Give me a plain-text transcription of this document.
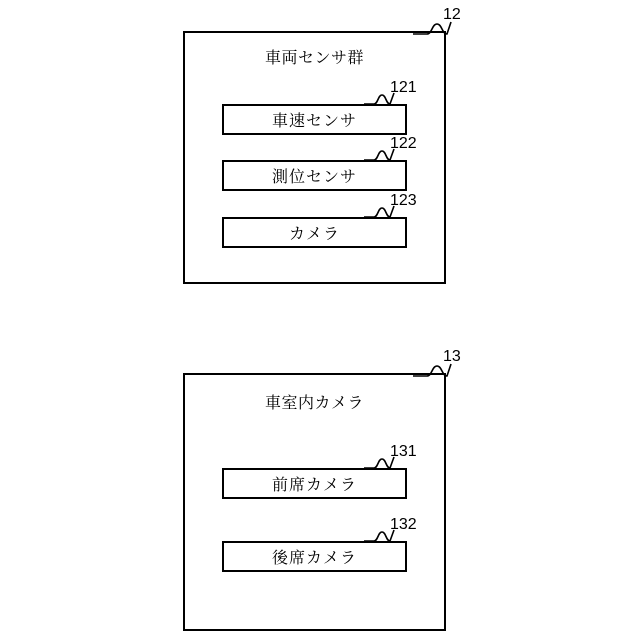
車両センサ群
12
車速センサ
121
測位センサ
122
カメラ
123
車室内カメラ
13
前席カメラ
131
後席カメラ
132
